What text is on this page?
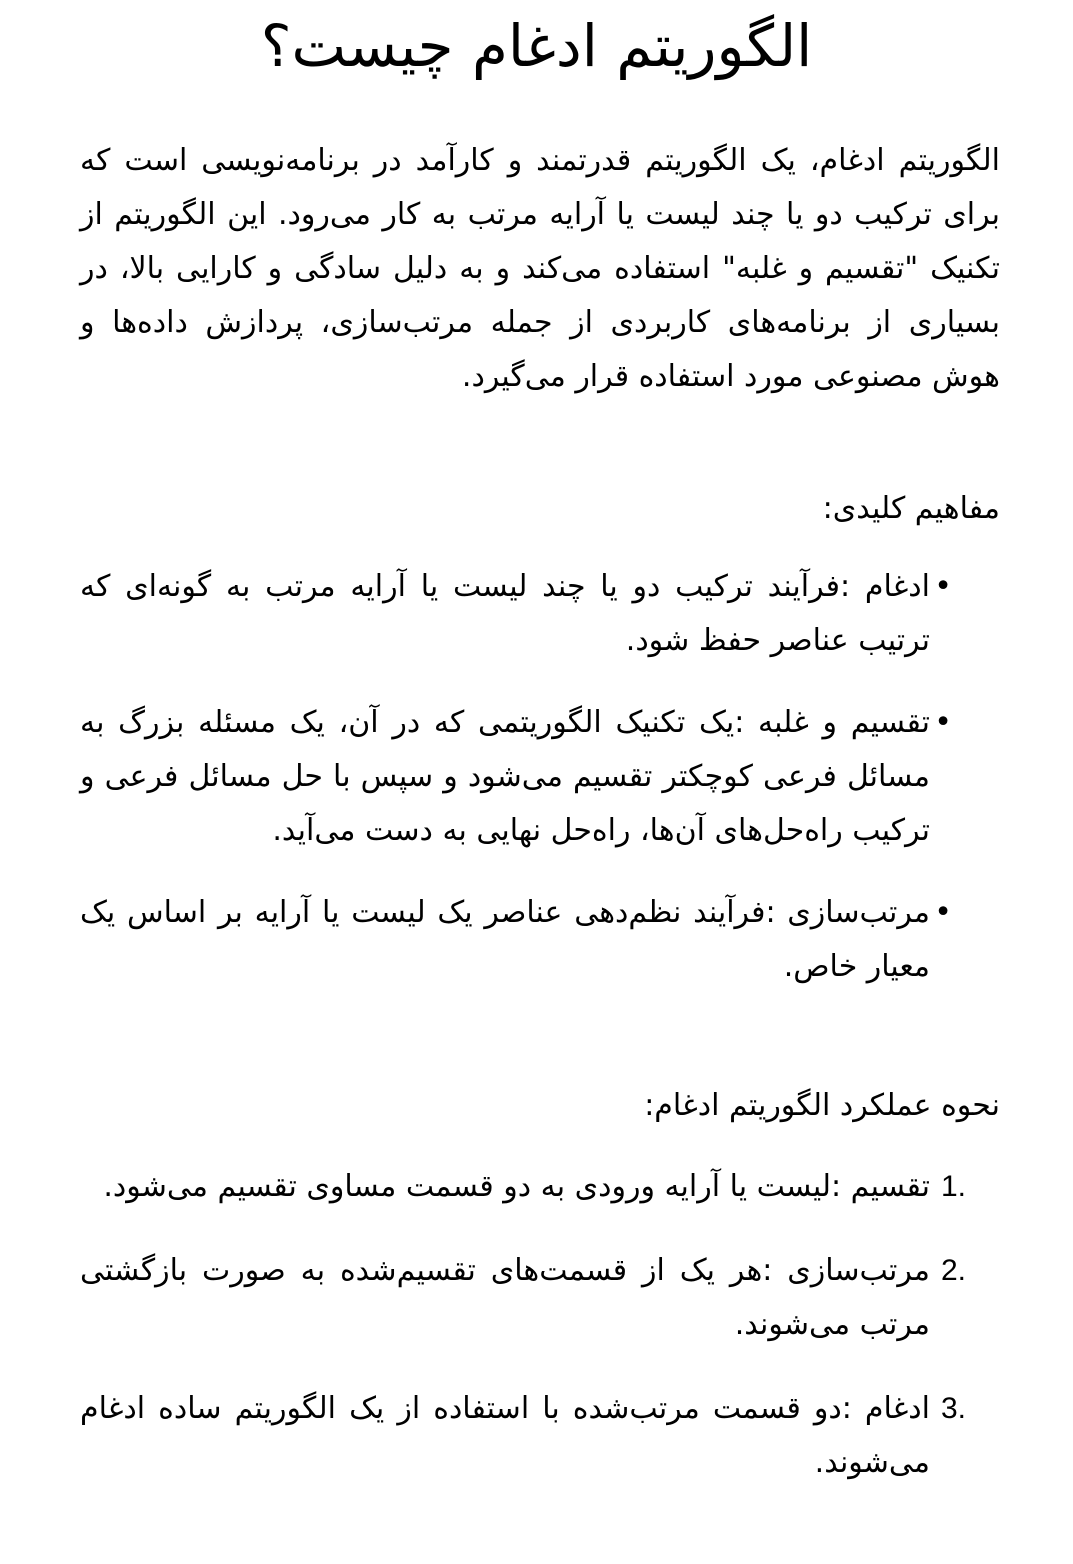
الگوریتم ادغام چیست؟

الگوریتم ادغام، یک الگوریتم قدرتمند و کارآمد در برنامه‌نویسی است که برای ترکیب دو یا چند لیست یا آرایه مرتب به کار می‌رود. این الگوریتم از تکنیک "تقسیم و غلبه" استفاده می‌کند و به دلیل سادگی و کارایی بالا، در بسیاری از برنامه‌های کاربردی از جمله مرتب‌سازی، پردازش داده‌ها و هوش مصنوعی مورد استفاده قرار می‌گیرد.

مفاهیم کلیدی:

•
ادغام :فرآیند ترکیب دو یا چند لیست یا آرایه مرتب به گونه‌ای که ترتیب عناصر حفظ شود.
•
تقسیم و غلبه :یک تکنیک الگوریتمی که در آن، یک مسئله بزرگ به مسائل فرعی کوچکتر تقسیم می‌شود و سپس با حل مسائل فرعی و ترکیب راه‌حل‌های آن‌ها، راه‌حل نهایی به دست می‌آید.
•
مرتب‌سازی :فرآیند نظم‌دهی عناصر یک لیست یا آرایه بر اساس یک معیار خاص.

نحوه عملکرد الگوریتم ادغام:

1.
تقسیم :لیست یا آرایه ورودی به دو قسمت مساوی تقسیم می‌شود.
2.
مرتب‌سازی :هر یک از قسمت‌های تقسیم‌شده به صورت بازگشتی مرتب می‌شوند.
3.
ادغام :دو قسمت مرتب‌شده با استفاده از یک الگوریتم ساده ادغام می‌شوند.
